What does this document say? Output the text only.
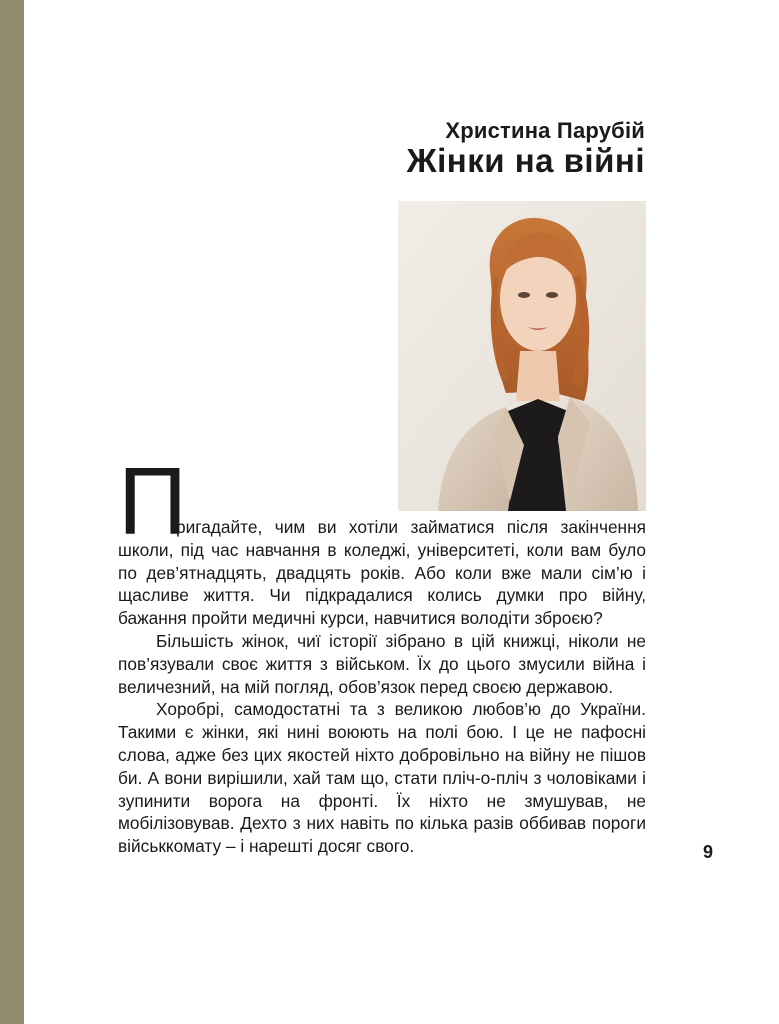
Христина Парубій
Жінки на війні
П

ригадайте, чим ви хотіли займатися після закінчення школи, під час навчання в коледжі, університеті, коли вам було по дев’ятнадцять, двадцять років. Або коли вже мали сім’ю і щасливе життя. Чи підкрадалися колись думки про війну, бажання пройти медичні курси, навчитися володіти зброєю?

Більшість жінок, чиї історії зібрано в цій книжці, ніколи не пов’язували своє життя з військом. Їх до цього змусили війна і величезний, на мій погляд, обов’язок перед своєю державою.

Хоробрі, самодостатні та з великою любов’ю до України. Такими є жінки, які нині воюють на полі бою. І це не пафосні слова, адже без цих якостей ніхто добровільно на війну не пішов би. А вони вирішили, хай там що, стати пліч-о-пліч з чоловіками і зупинити ворога на фронті. Їх ніхто не змушував, не мобілізовував. Дехто з них навіть по кілька разів оббивав пороги військкомату – і нарешті досяг свого.	9
